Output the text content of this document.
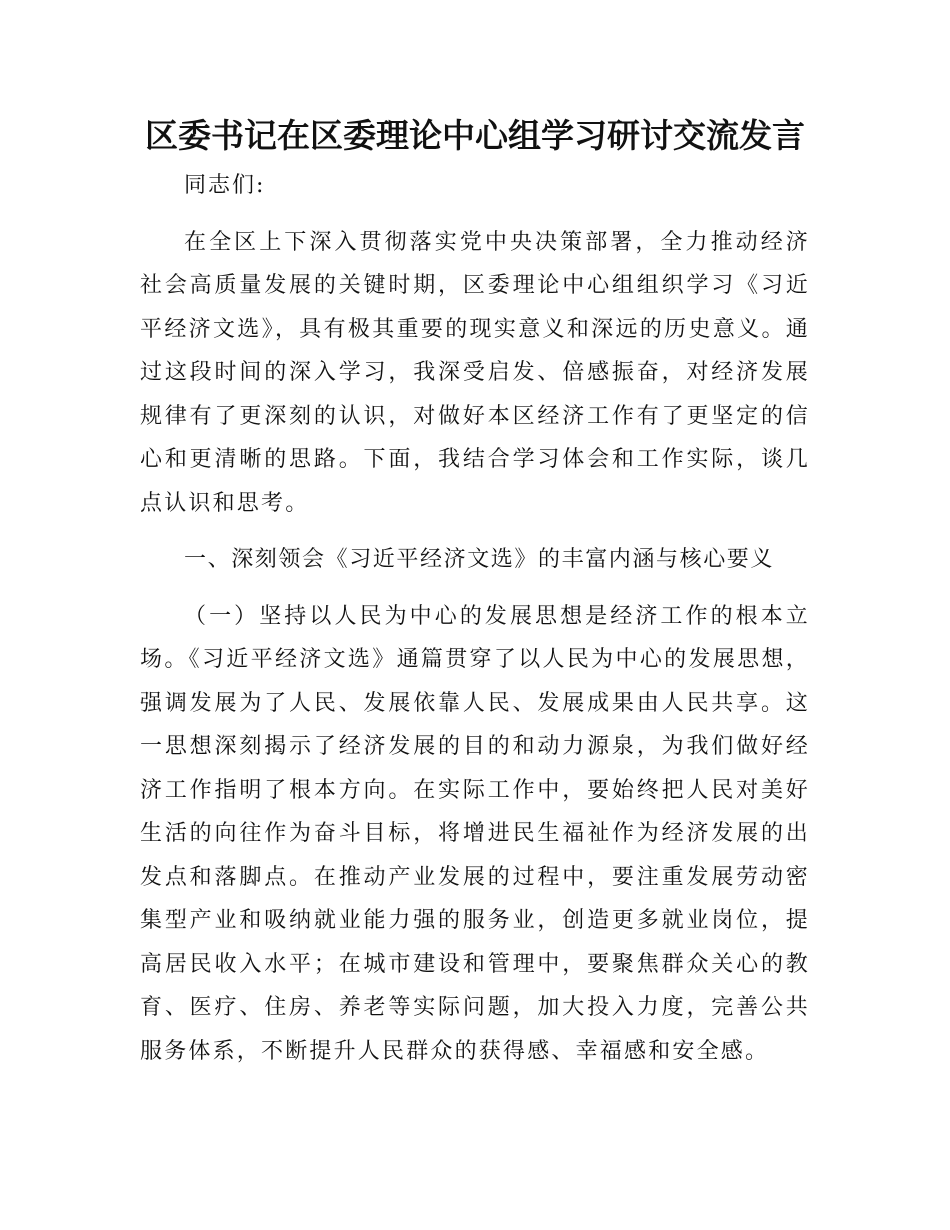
区委书记在区委理论中心组学习研讨交流发言

同志们:

在全区上下深入贯彻落实党中央决策部署，全力推动经济社会高质量发展的关键时期，区委理论中心组组织学习《习近平经济文选》，具有极其重要的现实意义和深远的历史意义。通过这段时间的深入学习，我深受启发、倍感振奋，对经济发展规律有了更深刻的认识，对做好本区经济工作有了更坚定的信心和更清晰的思路。下面，我结合学习体会和工作实际，谈几点认识和思考。

一、深刻领会《习近平经济文选》的丰富内涵与核心要义

（一）坚持以人民为中心的发展思想是经济工作的根本立场。《习近平经济文选》通篇贯穿了以人民为中心的发展思想，强调发展为了人民、发展依靠人民、发展成果由人民共享。这一思想深刻揭示了经济发展的目的和动力源泉，为我们做好经济工作指明了根本方向。在实际工作中，要始终把人民对美好生活的向往作为奋斗目标，将增进民生福祉作为经济发展的出发点和落脚点。在推动产业发展的过程中，要注重发展劳动密集型产业和吸纳就业能力强的服务业，创造更多就业岗位，提高居民收入水平；在城市建设和管理中，要聚焦群众关心的教育、医疗、住房、养老等实际问题，加大投入力度，完善公共服务体系，不断提升人民群众的获得感、幸福感和安全感。
